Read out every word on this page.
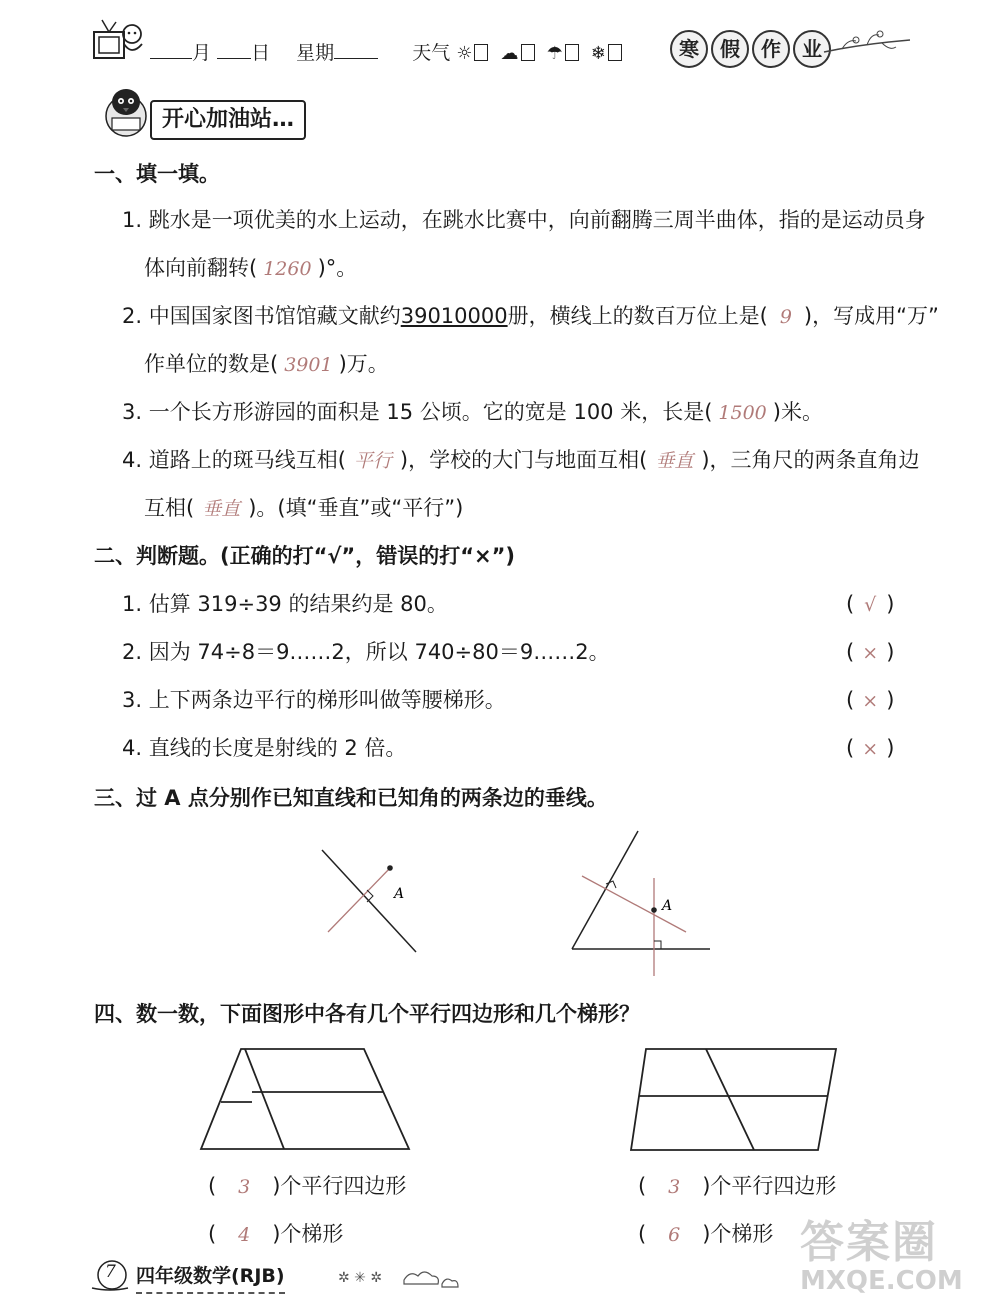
月 日 星期	天气 ☼ ☁ ☂ ❄	寒 假 作 业
开心加油站…
一、填一填。
1. 跳水是一项优美的水上运动，在跳水比赛中，向前翻腾三周半曲体，指的是运动员身
体向前翻转( 1260 )°。
2. 中国国家图书馆馆藏文献约39010000册，横线上的数百万位上是( 9 )，写成用“万”
作单位的数是( 3901 )万。
3. 一个长方形游园的面积是 15 公顷。它的宽是 100 米，长是( 1500 )米。
4. 道路上的斑马线互相( 平行 )，学校的大门与地面互相( 垂直 )，三角尺的两条直角边
互相( 垂直 )。(填“垂直”或“平行”)
二、判断题。(正确的打“√”，错误的打“×”)
1. 估算 319÷39 的结果约是 80。	( √ )
2. 因为 74÷8＝9……2，所以 740÷80＝9……2。	( × )
3. 上下两条边平行的梯形叫做等腰梯形。	( × )
4. 直线的长度是射线的 2 倍。	( × )
三、过 A 点分别作已知直线和已知角的两条边的垂线。
A
A
四、数一数，下面图形中各有几个平行四边形和几个梯形？
( 3 )个平行四边形
( 4 )个梯形
( 3 )个平行四边形
( 6 )个梯形
7 四年级数学(RJB)	✲ ✳ ✲
答案圈
MXQE.COM
